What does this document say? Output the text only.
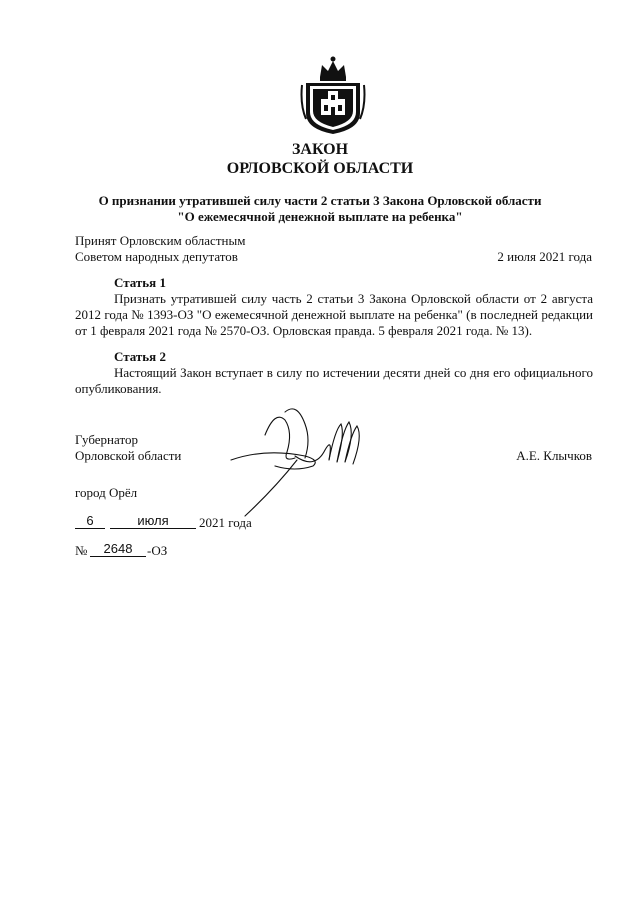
ЗАКОН
ОРЛОВСКОЙ ОБЛАСТИ
О признании утратившей силу части 2 статьи 3 Закона Орловской области
"О ежемесячной денежной выплате на ребенка"
Принят Орловским областным
Советом народных депутатов	2 июля 2021 года
Статья 1
Признать утратившей силу часть 2 статьи 3 Закона Орловской области от 2 августа
2012 года № 1393-ОЗ "О ежемесячной денежной выплате на ребенка" (в последней редакции
от 1 февраля 2021 года № 2570-ОЗ. Орловская правда. 5 февраля 2021 года. № 13).
Статья 2
Настоящий Закон вступает в силу по истечении десяти дней со дня его официального
опубликования.
Губернатор
Орловской области	А.Е. Клычков
город Орёл
6	июля	2021 года
№	2648	-ОЗ
